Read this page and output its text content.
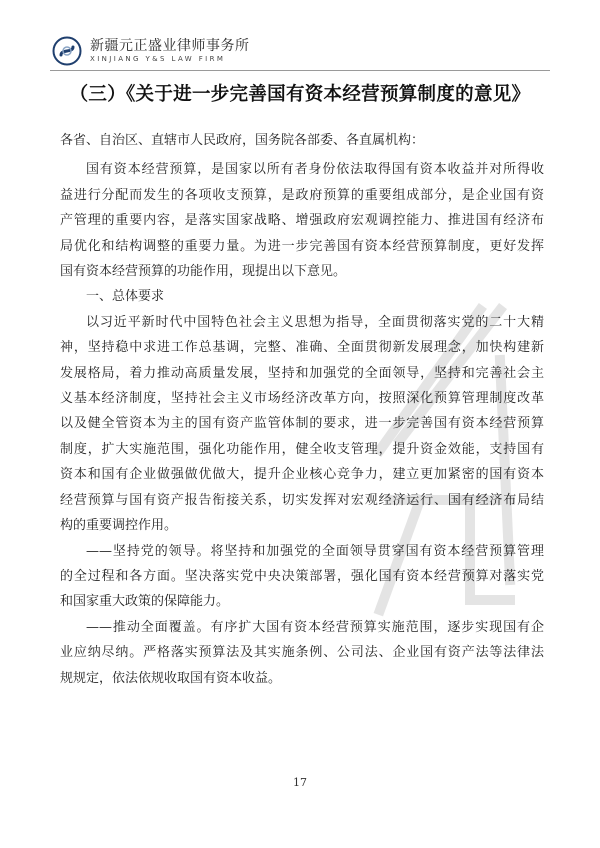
新疆元正盛业律师事务所
XINJIANG Y&S LAW FIRM
（三）《关于进一步完善国有资本经营预算制度的意见》
各省、自治区、直辖市人民政府，国务院各部委、各直属机构：
国有资本经营预算，是国家以所有者身份依法取得国有资本收益并对所得收
益进行分配而发生的各项收支预算，是政府预算的重要组成部分，是企业国有资
产管理的重要内容，是落实国家战略、增强政府宏观调控能力、推进国有经济布
局优化和结构调整的重要力量。为进一步完善国有资本经营预算制度，更好发挥
国有资本经营预算的功能作用，现提出以下意见。
一、总体要求
以习近平新时代中国特色社会主义思想为指导，全面贯彻落实党的二十大精
神，坚持稳中求进工作总基调，完整、准确、全面贯彻新发展理念，加快构建新
发展格局，着力推动高质量发展，坚持和加强党的全面领导，坚持和完善社会主
义基本经济制度，坚持社会主义市场经济改革方向，按照深化预算管理制度改革
以及健全管资本为主的国有资产监管体制的要求，进一步完善国有资本经营预算
制度，扩大实施范围，强化功能作用，健全收支管理，提升资金效能，支持国有
资本和国有企业做强做优做大，提升企业核心竞争力，建立更加紧密的国有资本
经营预算与国有资产报告衔接关系，切实发挥对宏观经济运行、国有经济布局结
构的重要调控作用。
——坚持党的领导。将坚持和加强党的全面领导贯穿国有资本经营预算管理
的全过程和各方面。坚决落实党中央决策部署，强化国有资本经营预算对落实党
和国家重大政策的保障能力。
——推动全面覆盖。有序扩大国有资本经营预算实施范围，逐步实现国有企
业应纳尽纳。严格落实预算法及其实施条例、公司法、企业国有资产法等法律法
规规定，依法依规收取国有资本收益。
17
